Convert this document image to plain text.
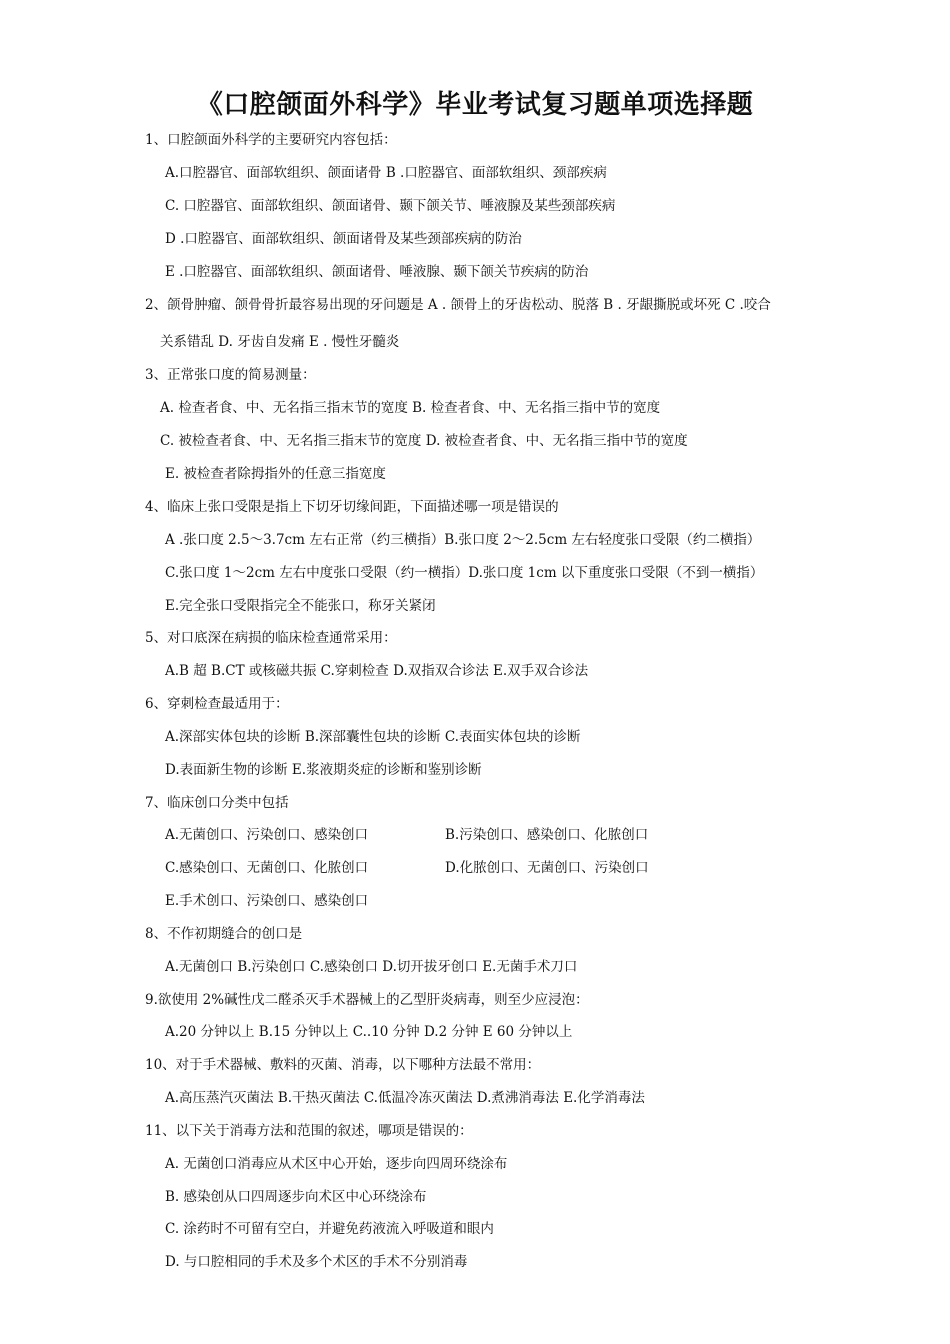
《口腔颌面外科学》毕业考试复习题单项选择题
1、口腔颌面外科学的主要研究内容包括：
A.口腔器官、面部软组织、颌面诸骨 B .口腔器官、面部软组织、颈部疾病
C. 口腔器官、面部软组织、颌面诸骨、颞下颌关节、唾液腺及某些颈部疾病
D .口腔器官、面部软组织、颌面诸骨及某些颈部疾病的防治
E .口腔器官、面部软组织、颌面诸骨、唾液腺、颞下颌关节疾病的防治
2、颌骨肿瘤、颌骨骨折最容易出现的牙问题是 A . 颌骨上的牙齿松动、脱落 B . 牙龈撕脱或坏死 C .咬合
关系错乱 D. 牙齿自发痛 E . 慢性牙髓炎
3、正常张口度的简易测量：
A. 检查者食、中、无名指三指末节的宽度 B. 检查者食、中、无名指三指中节的宽度
C. 被检查者食、中、无名指三指末节的宽度 D. 被检查者食、中、无名指三指中节的宽度
E. 被检查者除拇指外的任意三指宽度
4、临床上张口受限是指上下切牙切缘间距，下面描述哪一项是错误的
A .张口度 2.5～3.7cm 左右正常（约三横指）B.张口度 2～2.5cm 左右轻度张口受限（约二横指）
C.张口度 1～2cm 左右中度张口受限（约一横指）D.张口度 1cm 以下重度张口受限（不到一横指）
E.完全张口受限指完全不能张口，称牙关紧闭
5、对口底深在病损的临床检查通常采用：
A.B 超 B.CT 或核磁共振 C.穿刺检查 D.双指双合诊法 E.双手双合诊法
6、穿刺检查最适用于：
A.深部实体包块的诊断 B.深部囊性包块的诊断 C.表面实体包块的诊断
D.表面新生物的诊断 E.浆液期炎症的诊断和鉴别诊断
7、临床创口分类中包括
A.无菌创口、污染创口、感染创口	B.污染创口、感染创口、化脓创口
C.感染创口、无菌创口、化脓创口	D.化脓创口、无菌创口、污染创口
E.手术创口、污染创口、感染创口
8、不作初期缝合的创口是
A.无菌创口 B.污染创口 C.感染创口 D.切开拔牙创口 E.无菌手术刀口
9.欲使用 2%碱性戊二醛杀灭手术器械上的乙型肝炎病毒，则至少应浸泡：
A.20 分钟以上 B.15 分钟以上 C..10 分钟 D.2 分钟 E 60 分钟以上
10、对于手术器械、敷料的灭菌、消毒，以下哪种方法最不常用：
A.高压蒸汽灭菌法 B.干热灭菌法 C.低温冷冻灭菌法 D.煮沸消毒法 E.化学消毒法
11、以下关于消毒方法和范围的叙述，哪项是错误的：
A. 无菌创口消毒应从术区中心开始，逐步向四周环绕涂布
B. 感染创从口四周逐步向术区中心环绕涂布
C. 涂药时不可留有空白，并避免药液流入呼吸道和眼内
D. 与口腔相同的手术及多个术区的手术不分别消毒
